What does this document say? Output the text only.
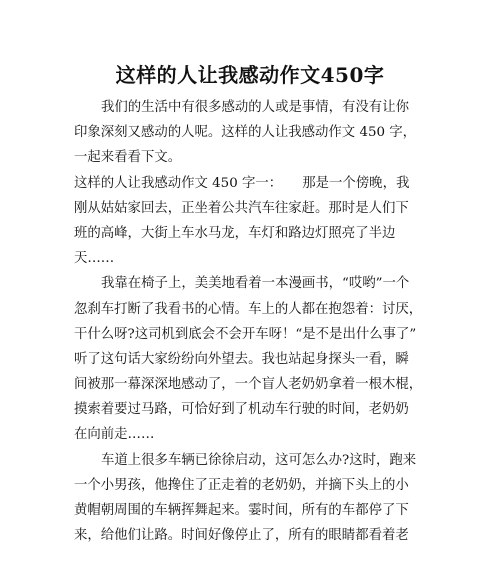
这样的人让我感动作文450字
我们的生活中有很多感动的人或是事情，有没有让你
印象深刻又感动的人呢。这样的人让我感动作文 450 字，
一起来看看下文。
这样的人让我感动作文 450 字一：　　那是一个傍晚，我
刚从姑姑家回去，正坐着公共汽车往家赶。那时是人们下
班的高峰，大街上车水马龙，车灯和路边灯照亮了半边
天……
我靠在椅子上，美美地看着一本漫画书，“哎哟”一个
忽刹车打断了我看书的心情。车上的人都在抱怨着：讨厌，
干什么呀?这司机到底会不会开车呀！“是不是出什么事了”
听了这句话大家纷纷向外望去。我也站起身探头一看，瞬
间被那一幕深深地感动了，一个盲人老奶奶拿着一根木棍，
摸索着要过马路，可恰好到了机动车行驶的时间，老奶奶
在向前走……
车道上很多车辆已徐徐启动，这可怎么办?这时，跑来
一个小男孩，他搀住了正走着的老奶奶，并摘下头上的小
黄帽朝周围的车辆挥舞起来。霎时间，所有的车都停了下
来，给他们让路。时间好像停止了，所有的眼睛都看着老
